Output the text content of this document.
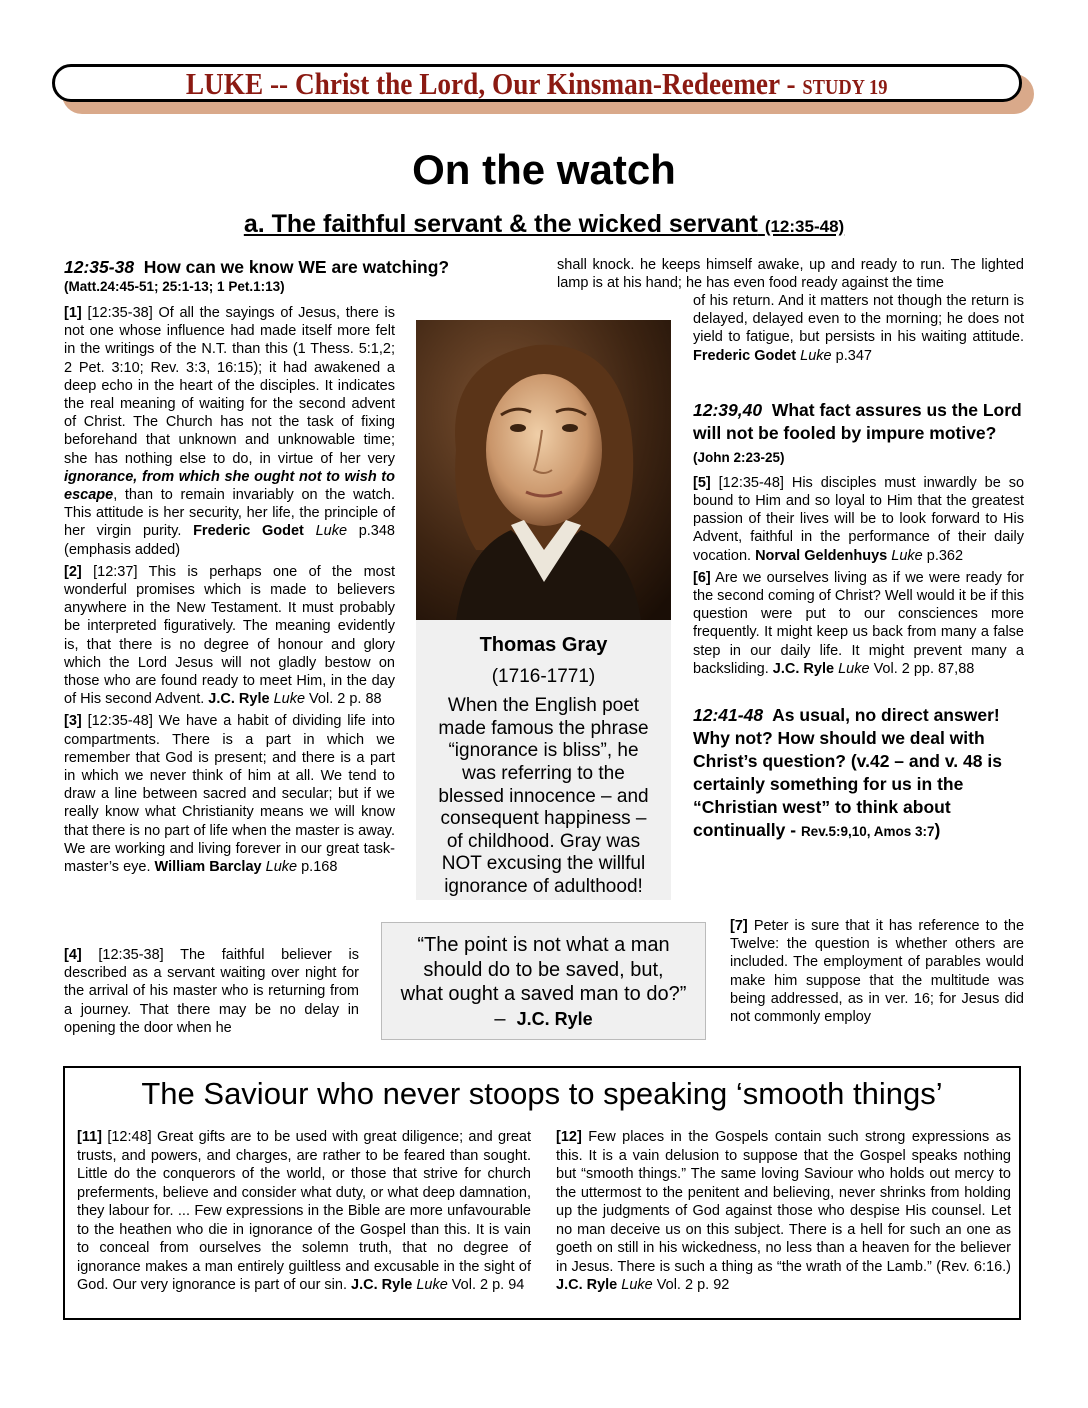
LUKE -- Christ the Lord, Our Kinsman-Redeemer - STUDY 19
On the watch
a. The faithful servant & the wicked servant (12:35-48)
12:35-38 How can we know WE are watching?
(Matt.24:45-51; 25:1-13; 1 Pet.1:13)

[1] [12:35-38] Of all the sayings of Jesus, there is not one whose influence had made itself more felt in the writings of the N.T. than this (1 Thess. 5:1,2; 2 Pet. 3:10; Rev. 3:3, 16:15); it had awakened a deep echo in the heart of the disciples. It indicates the real meaning of waiting for the second advent of Christ. The Church has not the task of fixing beforehand that unknown and unknowable time; she has nothing else to do, in virtue of her very ignorance, from which she ought not to wish to escape, than to remain invariably on the watch. This attitude is her security, her life, the principle of her virgin purity. Frederic Godet Luke p.348 (emphasis added)

[2] [12:37] This is perhaps one of the most wonderful promises which is made to believers anywhere in the New Testament. It must probably be interpreted figuratively. The meaning evidently is, that there is no degree of honour and glory which the Lord Jesus will not gladly bestow on those who are found ready to meet Him, in the day of His second Advent. J.C. Ryle Luke Vol. 2 p. 88

[3] [12:35-48] We have a habit of dividing life into compartments. There is a part in which we remember that God is present; and there is a part in which we never think of him at all. We tend to draw a line between sacred and secular; but if we really know what Christianity means we will know that there is no part of life when the master is away. We are working and living forever in our great task-master’s eye. William Barclay Luke p.168

[4] [12:35-38] The faithful believer is described as a servant waiting over night for the arrival of his master who is returning from a journey. That there may be no delay in opening the door when he

Thomas Gray
(1716-1771)
When the English poet made famous the phrase “ignorance is bliss”, he was referring to the blessed innocence – and consequent happiness – of childhood. Gray was NOT excusing the willful ignorance of adulthood!
“The point is not what a man should do to be saved, but, what ought a saved man to do?” – J.C. Ryle

shall knock. he keeps himself awake, up and ready to run. The lighted lamp is at his hand; he has even food ready against the time

of his return. And it matters not though the return is delayed, delayed even to the morning; he does not yield to fatigue, but persists in his waiting attitude. Frederic Godet Luke p.347

12:39,40 What fact assures us the Lord will not be fooled by impure motive? (John 2:23-25)

[5] [12:35-48] His disciples must inwardly be so bound to Him and so loyal to Him that the greatest passion of their lives will be to look forward to His Advent, faithful in the performance of their daily vocation. Norval Geldenhuys Luke p.362

[6] Are we ourselves living as if we were ready for the second coming of Christ? Well would it be if this question were put to our consciences more frequently. It might keep us back from many a false step in our daily life. It might prevent many a backsliding. J.C. Ryle Luke Vol. 2 pp. 87,88

12:41-48 As usual, no direct answer! Why not? How should we deal with Christ’s question? (v.42 – and v. 48 is certainly something for us in the “Christian west” to think about continually - Rev.5:9,10, Amos 3:7)

[7] Peter is sure that it has reference to the Twelve: the question is whether others are included. The employment of parables would make him suppose that the multitude was being addressed, as in ver. 16; for Jesus did not commonly employ

The Saviour who never stoops to speaking ‘smooth things’
[11] [12:48] Great gifts are to be used with great diligence; and great trusts, and powers, and charges, are rather to be feared than sought. Little do the conquerors of the world, or those that strive for church preferments, believe and consider what duty, or what deep damnation, they labour for. ... Few expressions in the Bible are more unfavourable to the heathen who die in ignorance of the Gospel than this. It is vain to conceal from ourselves the solemn truth, that no degree of ignorance makes a man entirely guiltless and excusable in the sight of God. Our very ignorance is part of our sin. J.C. Ryle Luke Vol. 2 p. 94
[12] Few places in the Gospels contain such strong expressions as this. It is a vain delusion to suppose that the Gospel speaks nothing but “smooth things.” The same loving Saviour who holds out mercy to the uttermost to the penitent and believing, never shrinks from holding up the judgments of God against those who despise His counsel. Let no man deceive us on this subject. There is a hell for such an one as goeth on still in his wickedness, no less than a heaven for the believer in Jesus. There is such a thing as “the wrath of the Lamb.” (Rev. 6:16.) J.C. Ryle Luke Vol. 2 p. 92
